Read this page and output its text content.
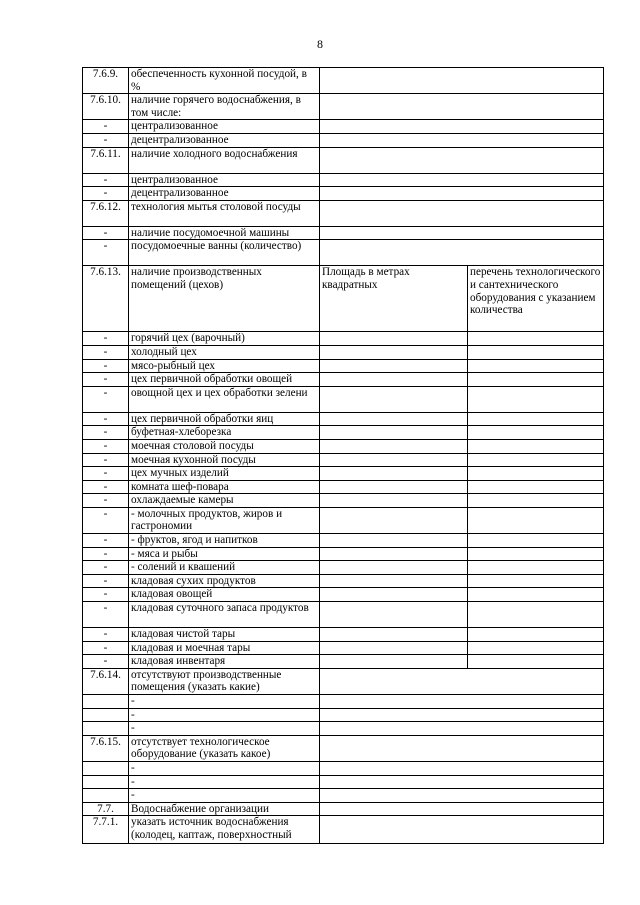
8
7.6.9.	обеспеченность кухонной посудой, в %		
7.6.10.	наличие горячего водоснабжения, в том числе:		
-	централизованное		
-	децентрализованное		
7.6.11.	наличие холодного водоснабжения		
-	централизованное		
-	децентрализованное		
7.6.12.	технология мытья столовой посуды		
-	наличие посудомоечной машины		
-	посудомоечные ванны (количество)		
7.6.13.	наличие производственных помещений (цехов)	Площадь в метрах квадратных	перечень технологического и сантехнического оборудования с указанием количества
-	горячий цех (варочный)		
-	холодный цех		
-	мясо-рыбный цех		
-	цех первичной обработки овощей		
-	овощной цех и цех обработки зелени		
-	цех первичной обработки яиц		
-	буфетная-хлеборезка		
-	моечная столовой посуды		
-	моечная кухонной посуды		
-	цех мучных изделий		
-	комната шеф-повара		
-	охлаждаемые камеры		
-	- молочных продуктов, жиров и гастрономии		
-	- фруктов, ягод и напитков		
-	- мяса и рыбы		
-	- солений и квашений		
-	кладовая сухих продуктов		
-	кладовая овощей		
-	кладовая суточного запаса продуктов		
-	кладовая чистой тары		
-	кладовая и моечная тары		
-	кладовая инвентаря		
7.6.14.	отсутствуют производственные помещения (указать какие)		
	-		
	-		
	-		
7.6.15.	отсутствует технологическое оборудование (указать какое)		
	-		
	-		
	-		
7.7.	Водоснабжение организации		
7.7.1.	указать источник водоснабжения (колодец, каптаж, поверхностный		
